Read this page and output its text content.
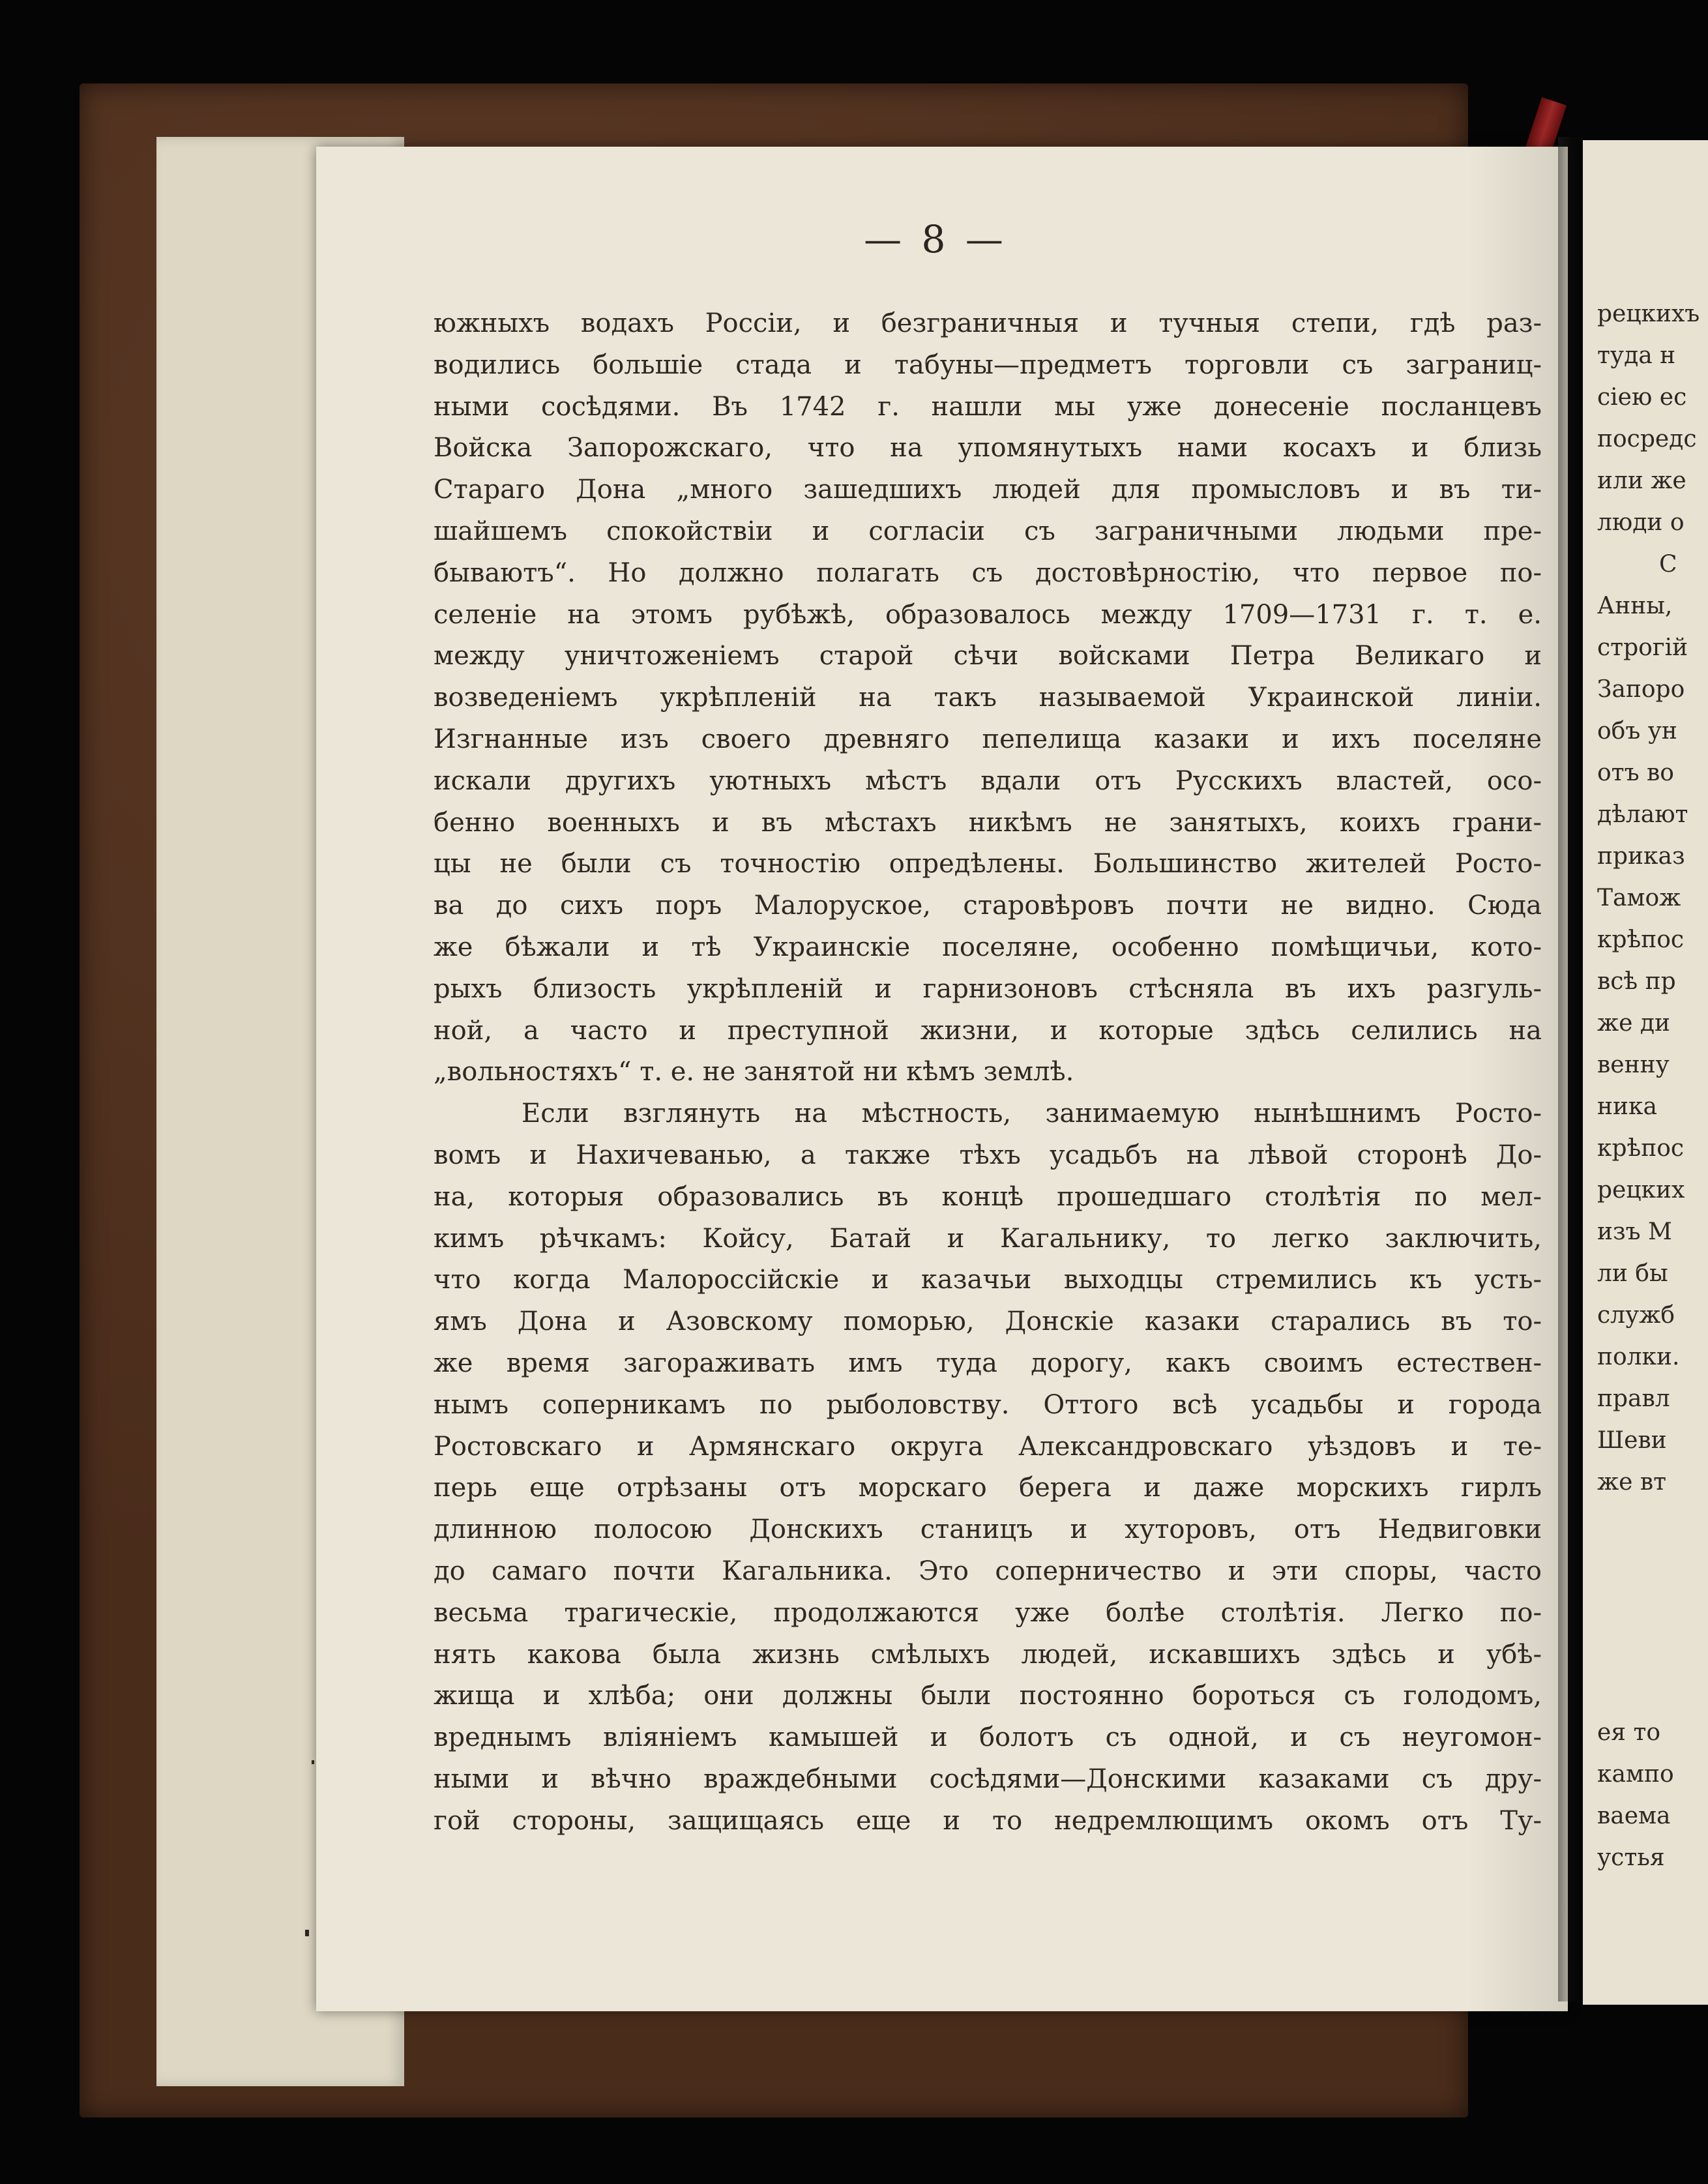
— 8 —
южныхъ водахъ Россіи, и безграничныя и тучныя степи, гдѣ раз-
водились большіе стада и табуны—предметъ торговли съ заграниц-
ными сосѣдями. Въ 1742 г. нашли мы уже донесеніе посланцевъ
Войска Запорожскаго, что на упомянутыхъ нами косахъ и близь
Стараго Дона „много зашедшихъ людей для промысловъ и въ ти-
шайшемъ спокойствіи и согласіи съ заграничными людьми пре-
бываютъ“. Но должно полагать съ достовѣрностію, что первое по-
селеніе на этомъ рубѣжѣ, образовалось между 1709—1731 г. т. е.
между уничтоженіемъ старой сѣчи войсками Петра Великаго и
возведеніемъ укрѣпленій на такъ называемой Украинской линіи.
Изгнанные изъ своего древняго пепелища казаки и ихъ поселяне
искали другихъ уютныхъ мѣстъ вдали отъ Русскихъ властей, осо-
бенно военныхъ и въ мѣстахъ никѣмъ не занятыхъ, коихъ грани-
цы не были съ точностію опредѣлены. Большинство жителей Росто-
ва до сихъ поръ Малоруское, старовѣровъ почти не видно. Сюда
же бѣжали и тѣ Украинскіе поселяне, особенно помѣщичьи, кото-
рыхъ близость укрѣпленій и гарнизоновъ стѣсняла въ ихъ разгуль-
ной, а часто и преступной жизни, и которые здѣсь селились на
„вольностяхъ“ т. е. не занятой ни кѣмъ землѣ.
Если взглянуть на мѣстность, занимаемую нынѣшнимъ Росто-
вомъ и Нахичеванью, а также тѣхъ усадьбъ на лѣвой сторонѣ До-
на, которыя образовались въ концѣ прошедшаго столѣтія по мел-
кимъ рѣчкамъ: Койсу, Батай и Кагальнику, то легко заключить,
что когда Малороссійскіе и казачьи выходцы стремились къ усть-
ямъ Дона и Азовскому поморью, Донскіе казаки старались въ то-
же время загораживать имъ туда дорогу, какъ своимъ естествен-
нымъ соперникамъ по рыболовству. Оттого всѣ усадьбы и города
Ростовскаго и Армянскаго округа Александровскаго уѣздовъ и те-
перь еще отрѣзаны отъ морскаго берега и даже морскихъ гирлъ
длинною полосою Донскихъ станицъ и хуторовъ, отъ Недвиговки
до самаго почти Кагальника. Это соперничество и эти споры, часто
весьма трагическіе, продолжаются уже болѣе столѣтія. Легко по-
нять какова была жизнь смѣлыхъ людей, искавшихъ здѣсь и убѣ-
жища и хлѣба; они должны были постоянно бороться съ голодомъ,
вреднымъ вліяніемъ камышей и болотъ съ одной, и съ неугомон-
ными и вѣчно враждебными сосѣдями—Донскими казаками съ дру-
гой стороны, защищаясь еще и то недремлющимъ окомъ отъ Ту-
рецкихъ
туда н
сіею ес
посредс
или же
люди о
С
Анны,
строгій
Запоро
объ ун
отъ во
дѣлают
приказ
Тамож
крѣпос
всѣ пр
же ди
венну
ника
крѣпос
рецких
изъ М
ли бы
служб
полки.
правл
Шеви
же вт
ея то
кампо
ваема
устья
